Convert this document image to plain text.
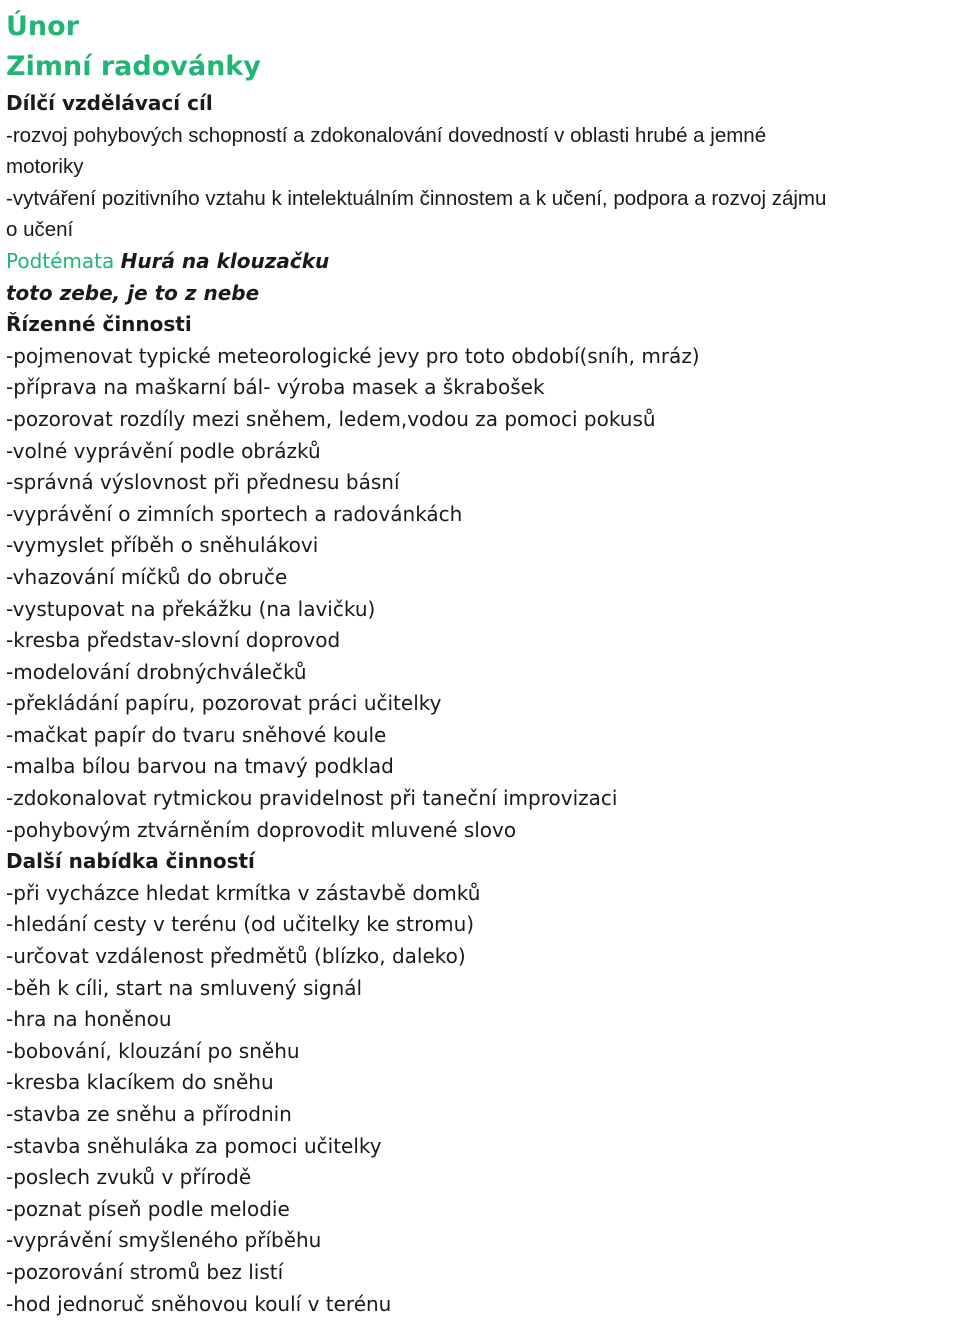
Únor
Zimní radovánky

Dílčí vzdělávací cíl

-rozvoj pohybových schopností a zdokonalování dovedností v oblasti hrubé a jemné

motoriky

-vytváření pozitivního vztahu k intelektuálním činnostem a k učení, podpora a rozvoj zájmu

o učení

Podtémata Hurá na klouzačku

toto zebe, je to z nebe

Řízenné činnosti

-pojmenovat typické meteorologické jevy pro toto období(sníh, mráz)

-příprava na maškarní bál- výroba masek a škrabošek

-pozorovat rozdíly mezi sněhem, ledem,vodou za pomoci pokusů

-volné vyprávění podle obrázků

-správná výslovnost při přednesu básní

-vyprávění o zimních sportech a radovánkách

-vymyslet příběh o sněhulákovi

-vhazování míčků do obruče

-vystupovat na překážku (na lavičku)

-kresba představ-slovní doprovod

-modelování drobnýchválečků

-překládání papíru, pozorovat práci učitelky

-mačkat papír do tvaru sněhové koule

-malba bílou barvou na tmavý podklad

-zdokonalovat rytmickou pravidelnost při taneční improvizaci

-pohybovým ztvárněním doprovodit mluvené slovo

Další nabídka činností

-při vycházce hledat krmítka v zástavbě domků

-hledání cesty v terénu (od učitelky ke stromu)

-určovat vzdálenost předmětů (blízko, daleko)

-běh k cíli, start na smluvený signál

-hra na honěnou

-bobování, klouzání po sněhu

-kresba klacíkem do sněhu

-stavba ze sněhu a přírodnin

-stavba sněhuláka za pomoci učitelky

-poslech zvuků v přírodě

-poznat píseň podle melodie

-vyprávění smyšleného příběhu

-pozorování stromů bez listí

-hod jednoruč sněhovou koulí v terénu
